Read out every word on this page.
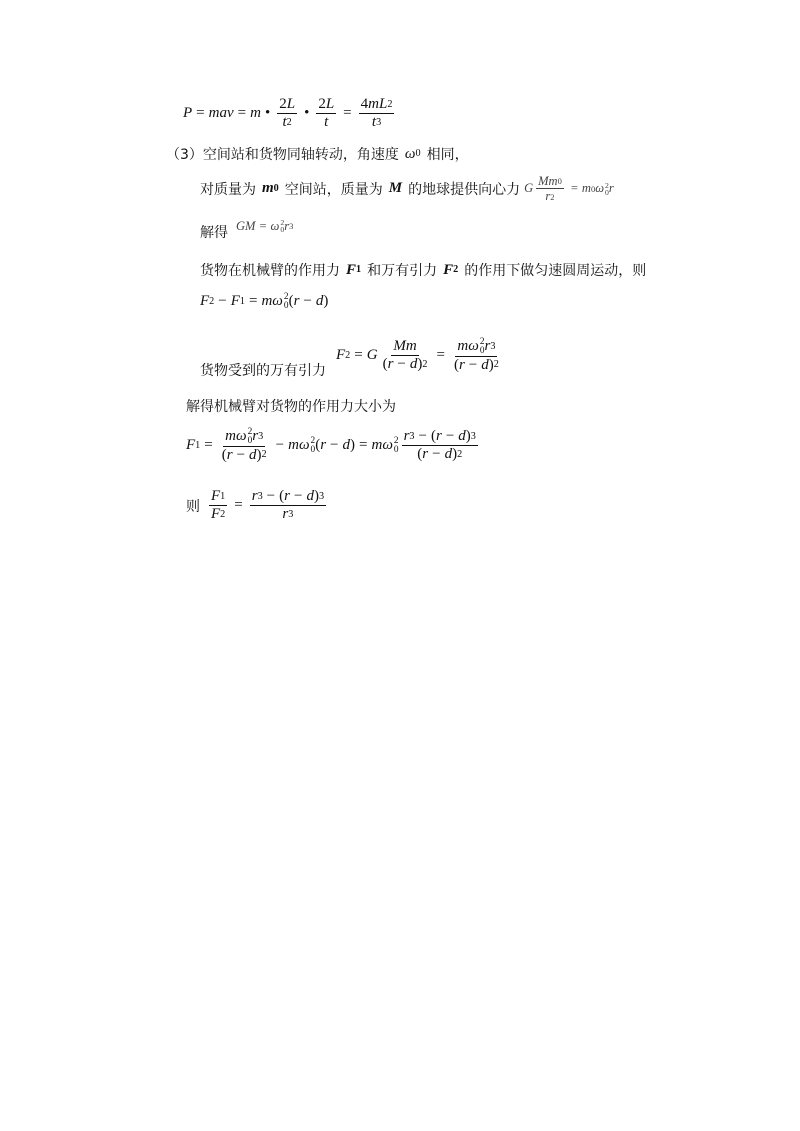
P = mav = m • $\frac{2 L}{t 2}$ • $\frac{2 L}{t} = \frac{4 mL 2}{t 3}$
（3）空间站和货物同轴转动，角速度 ω 0 相同，
对质量为 m 0 空间站，质量为 M 的地球提供向心力 G $\frac{Mm 0}{r 2} = m$ 0 ω 2
0 r
解得 GM = ω 2
0 r 3
货物在机械臂的作用力 F 1 和万有引力 F 2 的作用下做匀速圆周运动，则
F 2 − F 1 = mω 2
0 ( r − d )
货物受到的万有引力
F 2 = G $\frac{Mm}{( r - d ) 2} = m\omega$ 2
0 r 3
( r − d ) 2
解得机械臂对货物的作用力大小为
F 1 = mω 2
0 r 3
( r − d ) 2 − mω 2
0 ( r − d ) = mω 2
$0 \frac{r 3 - ( r - d ) 3}{( r - d ) 2}$
则 $\frac{F 1}{F 2} = \frac{r 3 - ( r - d ) 3}{r 3}$
